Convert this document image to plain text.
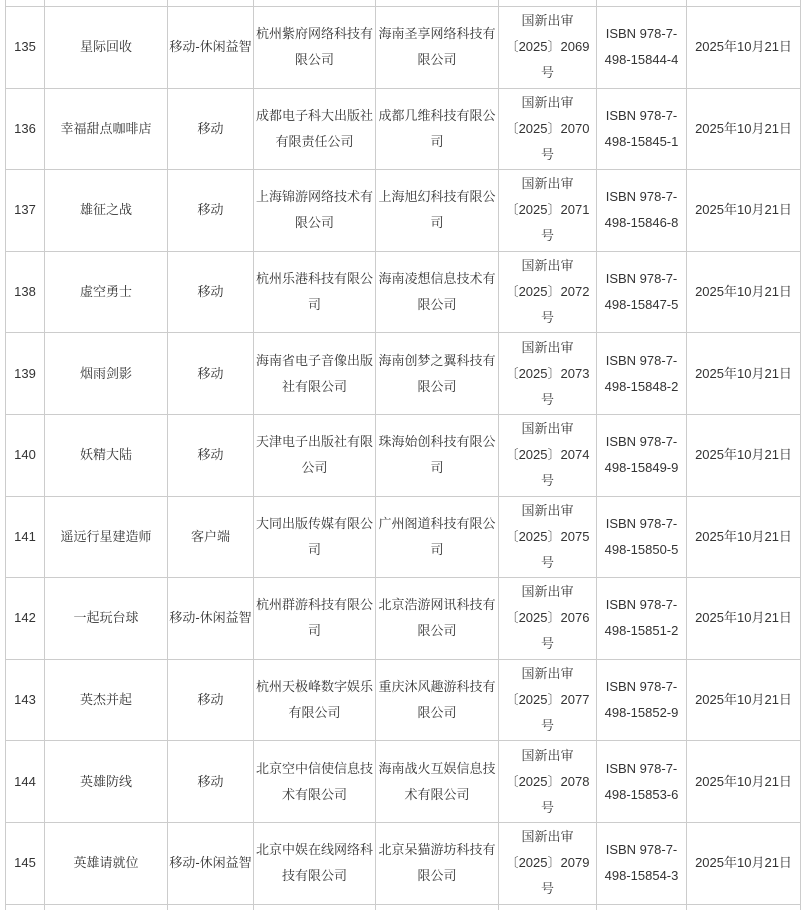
135	星际回收	移动-休闲益智	杭州紫府网络科技有限公司	海南圣享网络科技有限公司	国新出审〔2025〕2069号	ISBN 978-7-498-15844-4	2025年10月21日
136	幸福甜点咖啡店	移动	成都电子科大出版社有限责任公司	成都几维科技有限公司	国新出审〔2025〕2070号	ISBN 978-7-498-15845-1	2025年10月21日
137	雄征之战	移动	上海锦游网络技术有限公司	上海旭幻科技有限公司	国新出审〔2025〕2071号	ISBN 978-7-498-15846-8	2025年10月21日
138	虚空勇士	移动	杭州乐港科技有限公司	海南凌想信息技术有限公司	国新出审〔2025〕2072号	ISBN 978-7-498-15847-5	2025年10月21日
139	烟雨剑影	移动	海南省电子音像出版社有限公司	海南创梦之翼科技有限公司	国新出审〔2025〕2073号	ISBN 978-7-498-15848-2	2025年10月21日
140	妖精大陆	移动	天津电子出版社有限公司	珠海始创科技有限公司	国新出审〔2025〕2074号	ISBN 978-7-498-15849-9	2025年10月21日
141	遥远行星建造师	客户端	大同出版传媒有限公司	广州阁道科技有限公司	国新出审〔2025〕2075号	ISBN 978-7-498-15850-5	2025年10月21日
142	一起玩台球	移动-休闲益智	杭州群游科技有限公司	北京浩游网讯科技有限公司	国新出审〔2025〕2076号	ISBN 978-7-498-15851-2	2025年10月21日
143	英杰并起	移动	杭州天极峰数字娱乐有限公司	重庆沐风趣游科技有限公司	国新出审〔2025〕2077号	ISBN 978-7-498-15852-9	2025年10月21日
144	英雄防线	移动	北京空中信使信息技术有限公司	海南战火互娱信息技术有限公司	国新出审〔2025〕2078号	ISBN 978-7-498-15853-6	2025年10月21日
145	英雄请就位	移动-休闲益智	北京中娱在线网络科技有限公司	北京呆猫游坊科技有限公司	国新出审〔2025〕2079号	ISBN 978-7-498-15854-3	2025年10月21日
